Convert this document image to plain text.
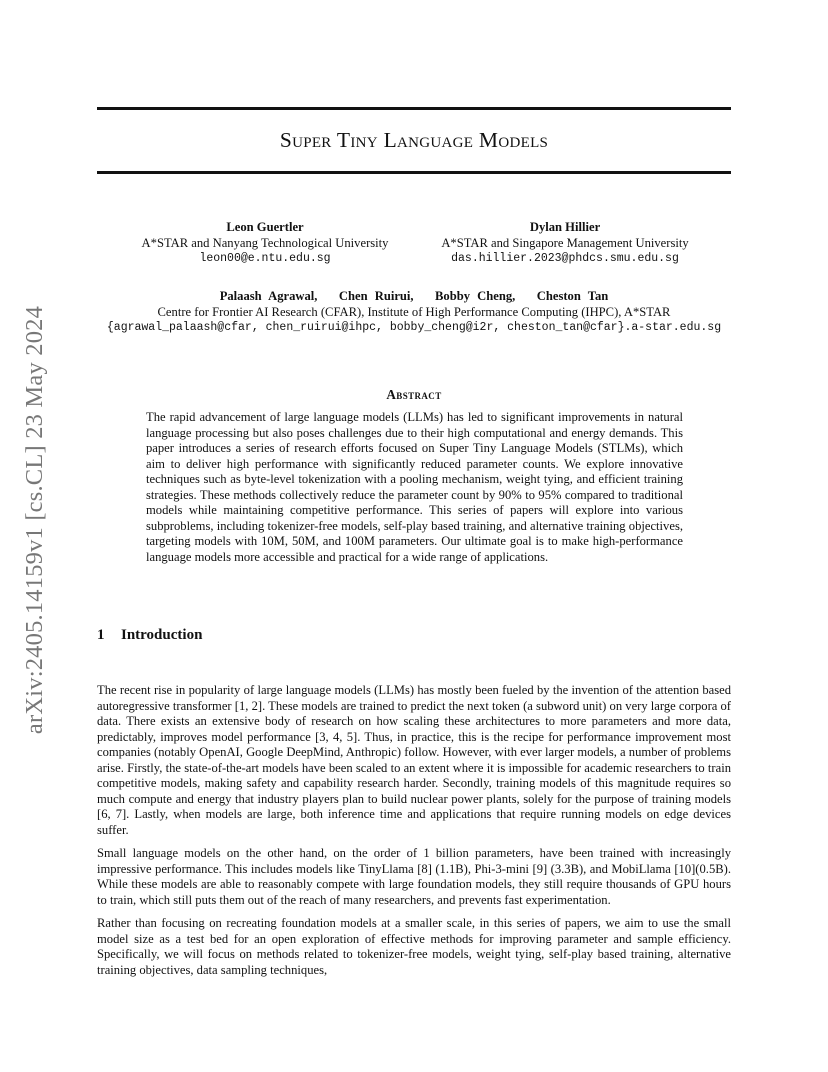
arXiv:2405.14159v1 [cs.CL] 23 May 2024
Super Tiny Language Models
Leon Guertler
A*STAR and Nanyang Technological University
leon00@e.ntu.edu.sg
Dylan Hillier
A*STAR and Singapore Management University
das.hillier.2023@phdcs.smu.edu.sg
Palaash Agrawal,   Chen Ruirui,   Bobby Cheng,   Cheston Tan
Centre for Frontier AI Research (CFAR), Institute of High Performance Computing (IHPC), A*STAR
{agrawal_palaash@cfar, chen_ruirui@ihpc, bobby_cheng@i2r, cheston_tan@cfar}.a-star.edu.sg
Abstract
The rapid advancement of large language models (LLMs) has led to significant improvements in natural language processing but also poses challenges due to their high computational and energy demands. This paper introduces a series of research efforts focused on Super Tiny Language Models (STLMs), which aim to deliver high performance with significantly reduced parameter counts. We explore innovative techniques such as byte-level tokenization with a pooling mechanism, weight tying, and efficient training strategies. These methods collectively reduce the parameter count by 90% to 95% compared to traditional models while maintaining competitive performance. This series of papers will explore into various subproblems, including tokenizer-free models, self-play based training, and alternative training objectives, targeting models with 10M, 50M, and 100M parameters. Our ultimate goal is to make high-performance language models more accessible and practical for a wide range of applications.
1 Introduction

The recent rise in popularity of large language models (LLMs) has mostly been fueled by the invention of the attention based autoregressive transformer [1, 2]. These models are trained to predict the next token (a subword unit) on very large corpora of data. There exists an extensive body of research on how scaling these architectures to more parameters and more data, predictably, improves model performance [3, 4, 5]. Thus, in practice, this is the recipe for performance improvement most companies (notably OpenAI, Google DeepMind, Anthropic) follow. However, with ever larger models, a number of problems arise. Firstly, the state-of-the-art models have been scaled to an extent where it is impossible for academic researchers to train competitive models, making safety and capability research harder. Secondly, training models of this magnitude requires so much compute and energy that industry players plan to build nuclear power plants, solely for the purpose of training models [6, 7]. Lastly, when models are large, both inference time and applications that require running models on edge devices suffer.

Small language models on the other hand, on the order of 1 billion parameters, have been trained with increasingly impressive performance. This includes models like TinyLlama [8] (1.1B), Phi-3-mini [9] (3.3B), and MobiLlama [10](0.5B). While these models are able to reasonably compete with large foundation models, they still require thousands of GPU hours to train, which still puts them out of the reach of many researchers, and prevents fast experimentation.

Rather than focusing on recreating foundation models at a smaller scale, in this series of papers, we aim to use the small model size as a test bed for an open exploration of effective methods for improving parameter and sample efficiency. Specifically, we will focus on methods related to tokenizer-free models, weight tying, self-play based training, alternative training objectives, data sampling techniques,
